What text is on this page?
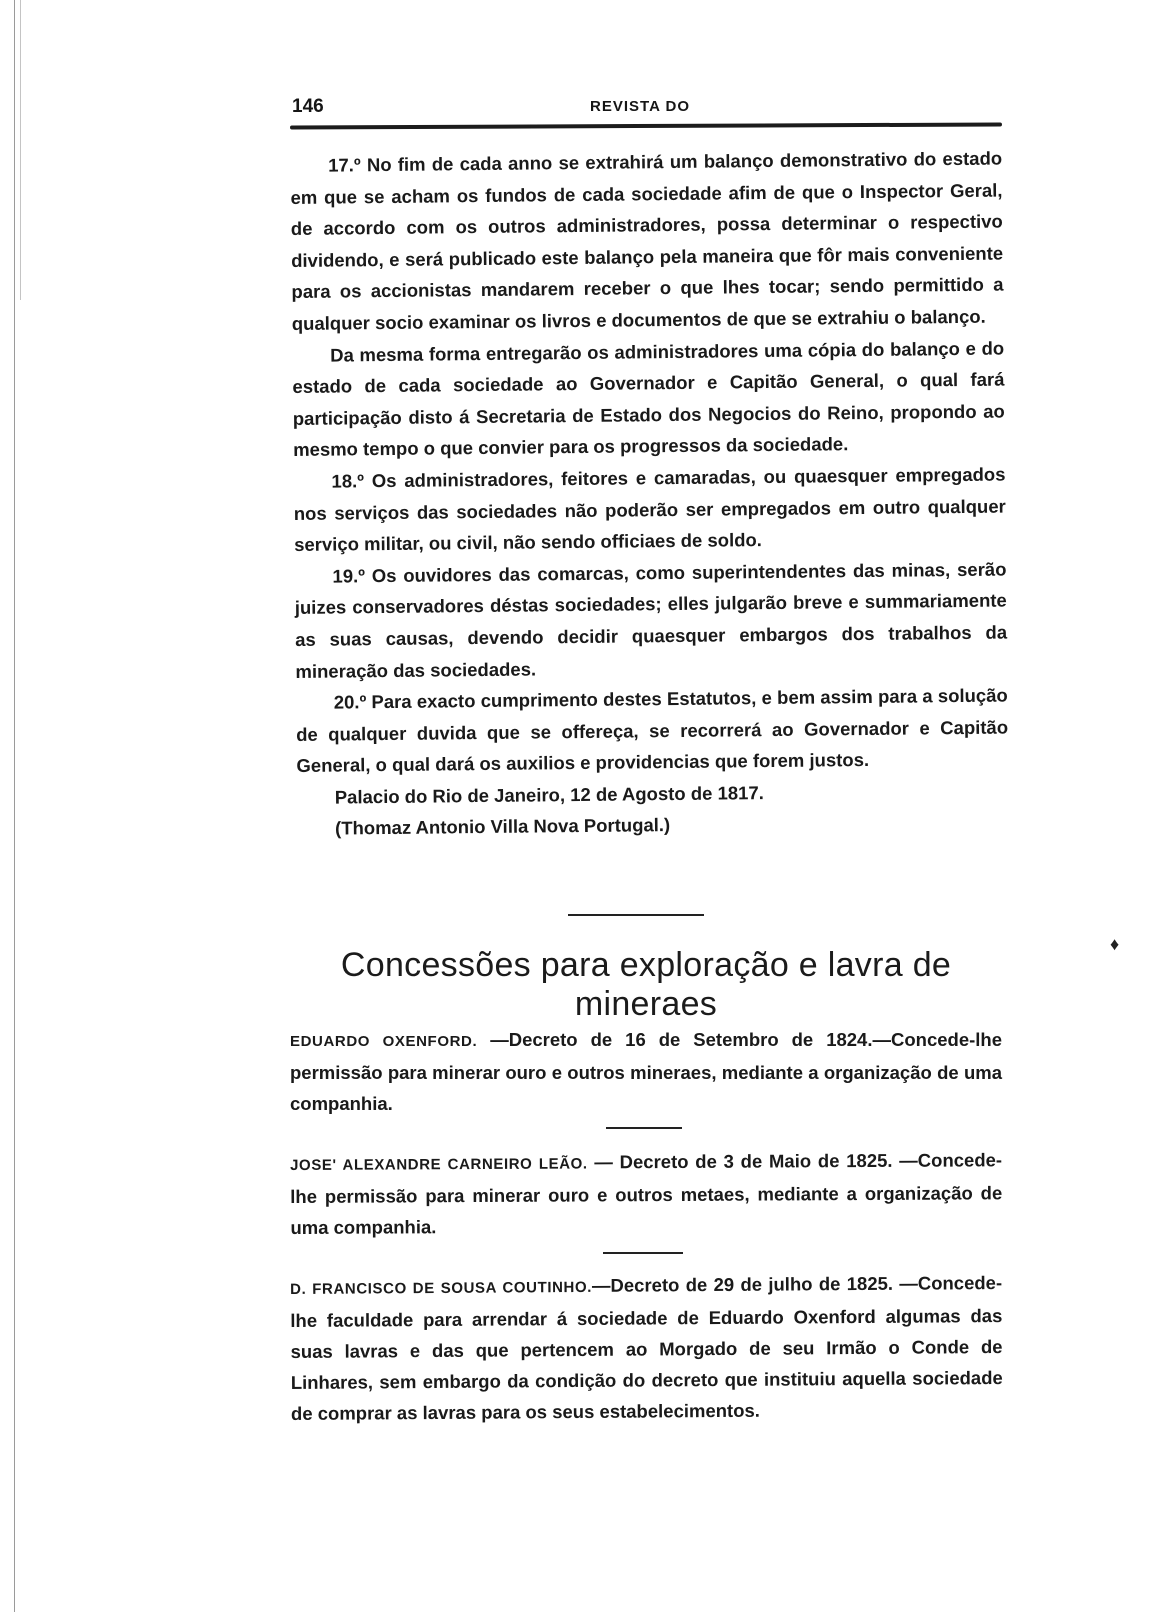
146	REVISTA DO

17.º No fim de cada anno se extrahirá um balanço demonstrativo do estado em que se acham os fundos de cada sociedade afim de que o Inspector Geral, de accordo com os outros administradores, possa determinar o respectivo dividendo, e será publicado este balanço pela maneira que fôr mais conveniente para os accionistas mandarem receber o que lhes tocar; sendo permittido a qualquer socio examinar os livros e documentos de que se extrahiu o balanço.

Da mesma forma entregarão os administradores uma cópia do balanço e do estado de cada sociedade ao Governador e Capitão General, o qual fará participação disto á Secretaria de Estado dos Negocios do Reino, propondo ao mesmo tempo o que convier para os progressos da sociedade.

18.º Os administradores, feitores e camaradas, ou quaesquer empregados nos serviços das sociedades não poderão ser empregados em outro qualquer serviço militar, ou civil, não sendo officiaes de soldo.

19.º Os ouvidores das comarcas, como superintendentes das minas, serão juizes conservadores déstas sociedades; elles julgarão breve e summariamente as suas causas, devendo decidir quaesquer embargos dos trabalhos da mineração das sociedades.

20.º Para exacto cumprimento destes Estatutos, e bem assim para a solução de qualquer duvida que se offereça, se recorrerá ao Governador e Capitão General, o qual dará os auxilios e providencias que forem justos.

Palacio do Rio de Janeiro, 12 de Agosto de 1817.

(Thomaz Antonio Villa Nova Portugal.)

Concessões para exploração e lavra de mineraes
♦

EDUARDO OXENFORD. —Decreto de 16 de Setembro de 1824.—Concede-lhe permissão para minerar ouro e outros mineraes, mediante a organização de uma companhia.

JOSE' ALEXANDRE CARNEIRO LEÃO. — Decreto de 3 de Maio de 1825. —Concede-lhe permissão para minerar ouro e outros metaes, mediante a organização de uma companhia.

D. FRANCISCO DE SOUSA COUTINHO.—Decreto de 29 de julho de 1825. —Concede-lhe faculdade para arrendar á sociedade de Eduardo Oxenford algumas das suas lavras e das que pertencem ao Morgado de seu Irmão o Conde de Linhares, sem embargo da condição do decreto que instituiu aquella sociedade de comprar as lavras para os seus estabelecimentos.
